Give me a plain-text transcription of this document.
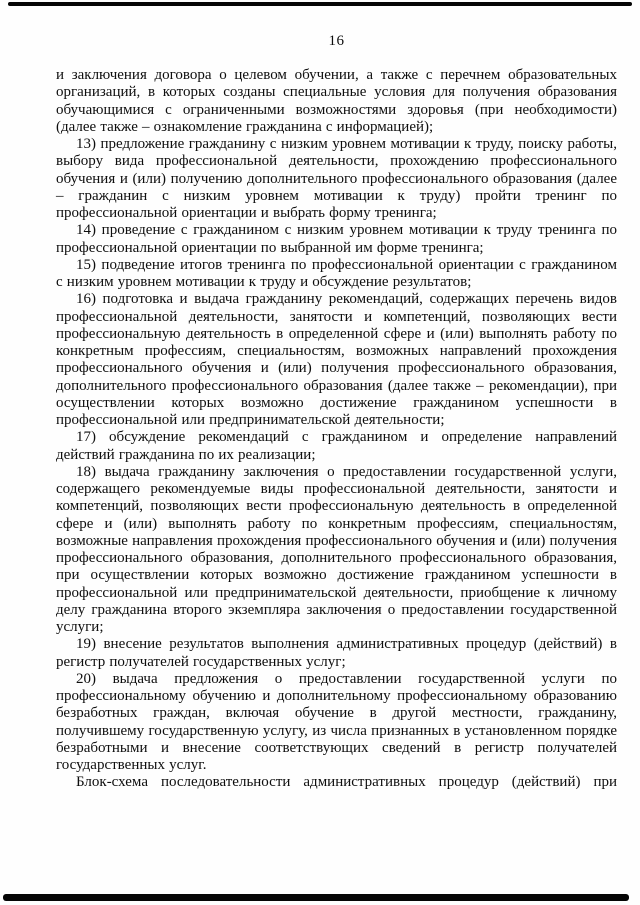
16

и заключения договора о целевом обучении, а также с перечнем образовательных организаций, в которых созданы специальные условия для получения образования обучающимися с ограниченными возможностями здоровья (при необходимости) (далее также – ознакомление гражданина с информацией);

13) предложение гражданину с низким уровнем мотивации к труду, поиску работы, выбору вида профессиональной деятельности, прохождению профессионального обучения и (или) получению дополнительного профессионального образования (далее – гражданин с низким уровнем мотивации к труду) пройти тренинг по профессиональной ориентации и выбрать форму тренинга;

14) проведение с гражданином с низким уровнем мотивации к труду тренинга по профессиональной ориентации по выбранной им форме тренинга;

15) подведение итогов тренинга по профессиональной ориентации с гражданином с низким уровнем мотивации к труду и обсуждение результатов;

16) подготовка и выдача гражданину рекомендаций, содержащих перечень видов профессиональной деятельности, занятости и компетенций, позволяющих вести профессиональную деятельность в определенной сфере и (или) выполнять работу по конкретным профессиям, специальностям, возможных направлений прохождения профессионального обучения и (или) получения профессионального образования, дополнительного профессионального образования (далее также – рекомендации), при осуществлении которых возможно достижение гражданином успешности в профессиональной или предпринимательской деятельности;

17) обсуждение рекомендаций с гражданином и определение направлений действий гражданина по их реализации;

18) выдача гражданину заключения о предоставлении государственной услуги, содержащего рекомендуемые виды профессиональной деятельности, занятости и компетенций, позволяющих вести профессиональную деятельность в определенной сфере и (или) выполнять работу по конкретным профессиям, специальностям, возможные направления прохождения профессионального обучения и (или) получения профессионального образования, дополнительного профессионального образования, при осуществлении которых возможно достижение гражданином успешности в профессиональной или предпринимательской деятельности, приобщение к личному делу гражданина второго экземпляра заключения о предоставлении государственной услуги;

19) внесение результатов выполнения административных процедур (действий) в регистр получателей государственных услуг;

20) выдача предложения о предоставлении государственной услуги по профессиональному обучению и дополнительному профессиональному образованию безработных граждан, включая обучение в другой местности, гражданину, получившему государственную услугу, из числа признанных в установленном порядке безработными и внесение соответствующих сведений в регистр получателей государственных услуг.

Блок-схема последовательности административных процедур (действий) при
